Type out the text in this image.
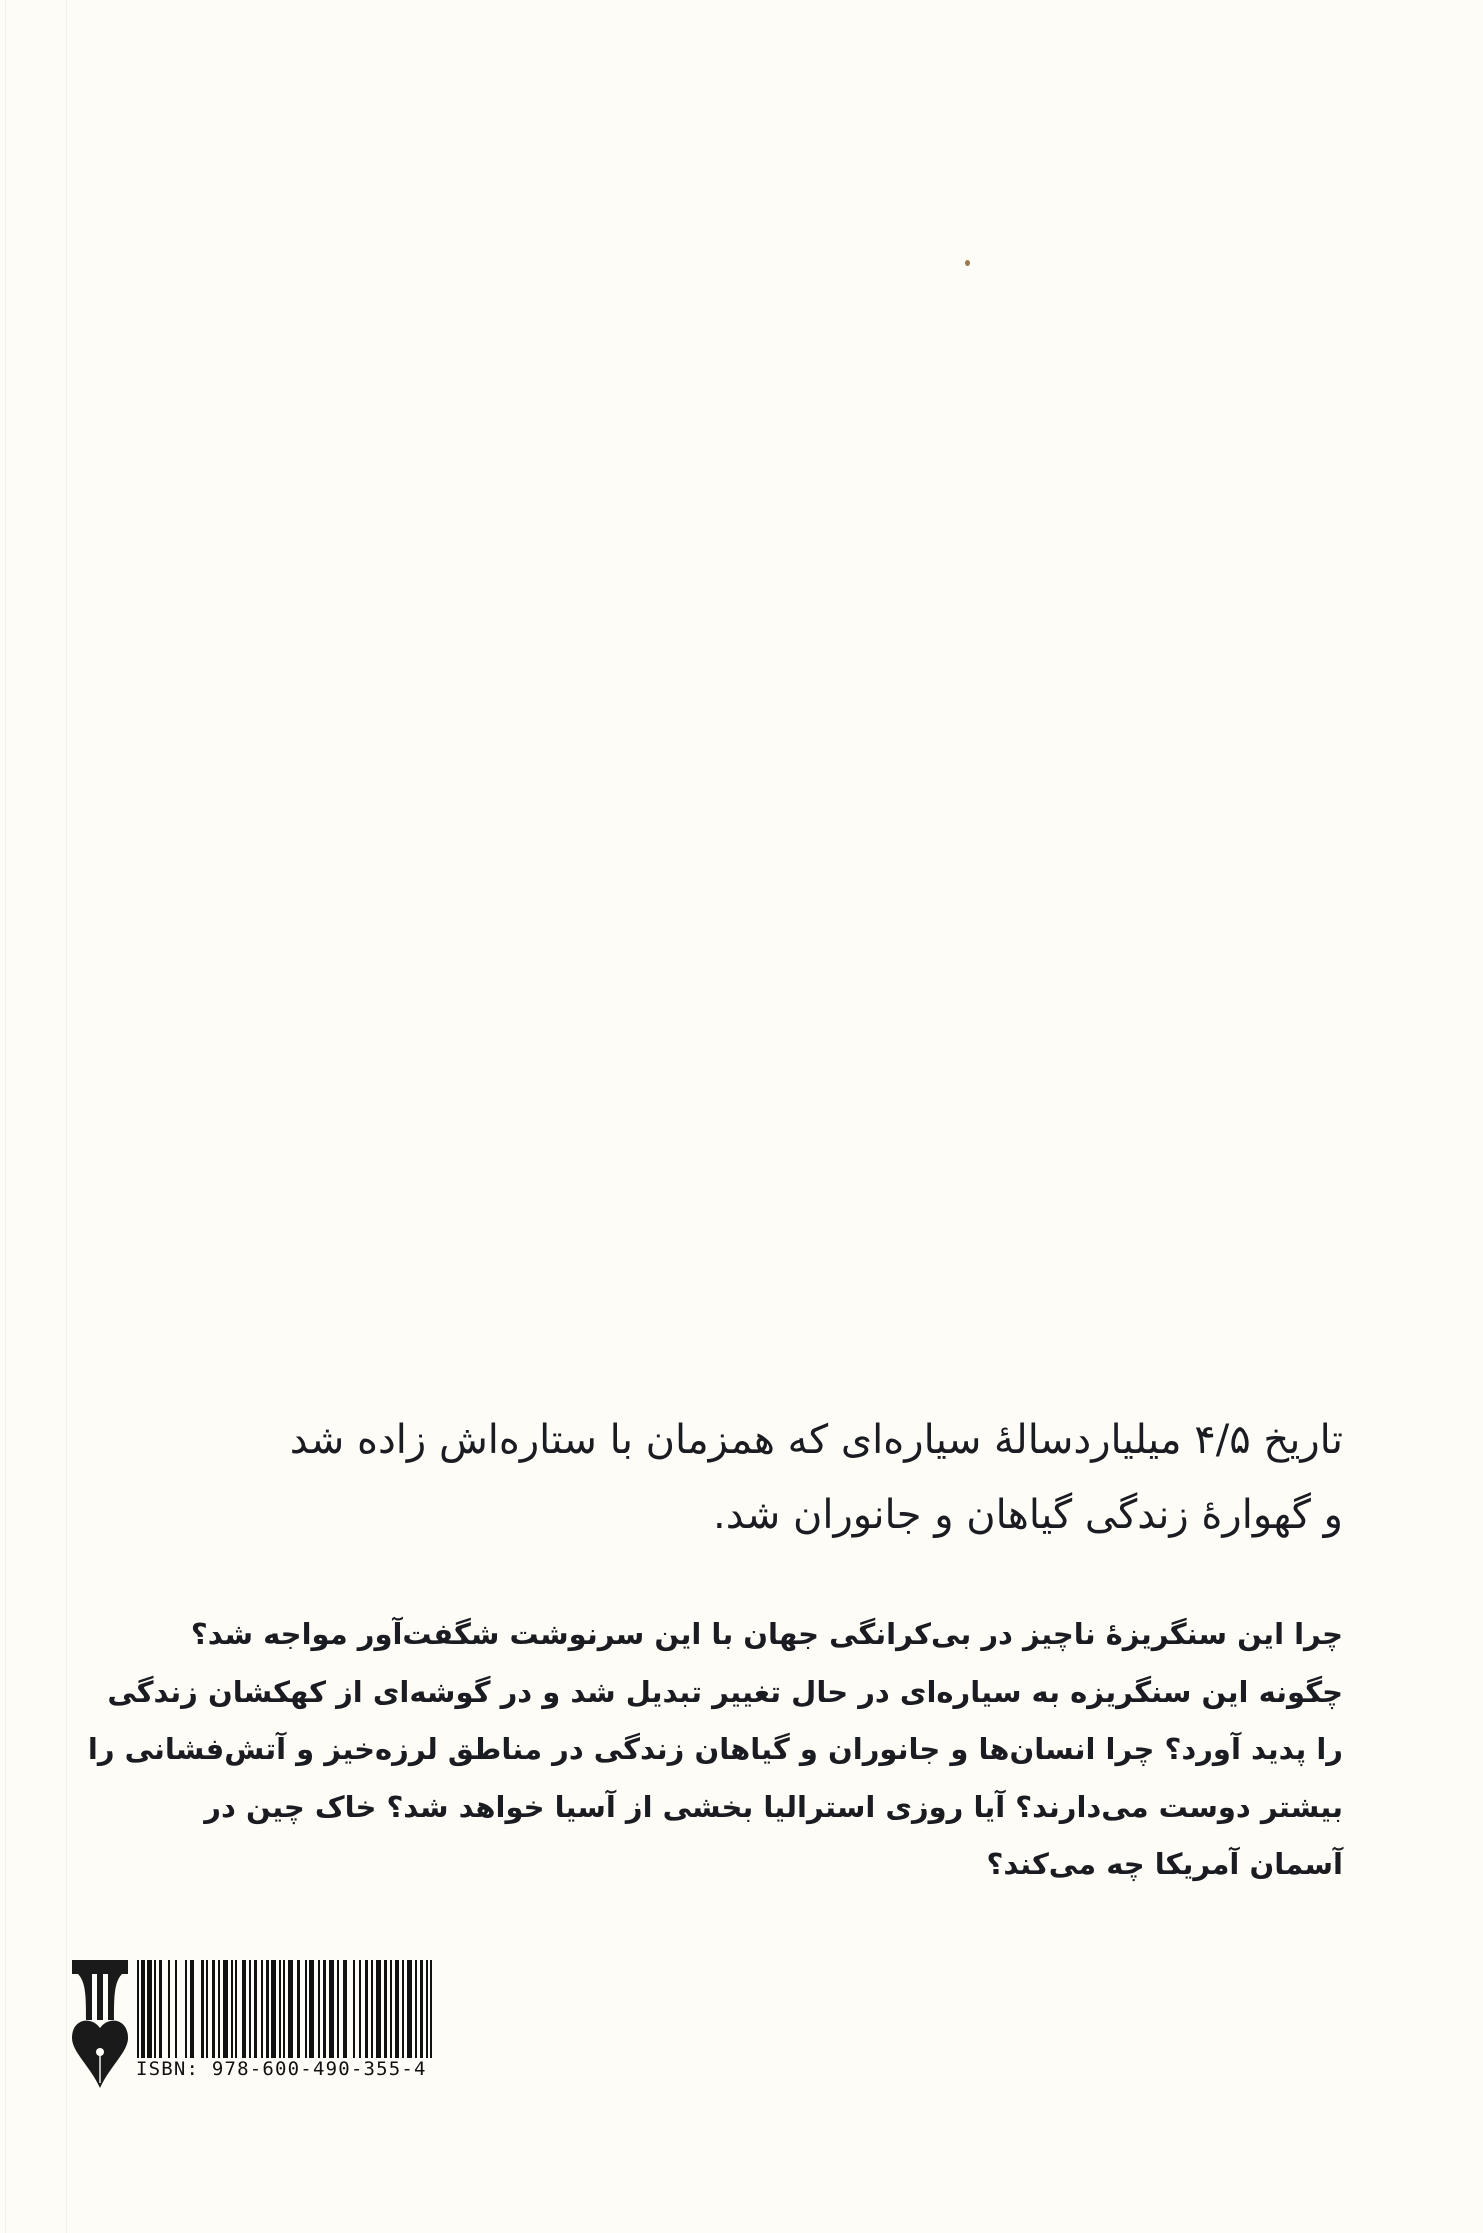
تاریخ ۴/۵ میلیاردسالهٔ سیاره‌ای که همزمان با ستاره‌اش زاده شد
و گهوارهٔ زندگی گیاهان و جانوران شد.
چرا این سنگریزهٔ ناچیز در بی‌کرانگی جهان با این سرنوشت شگفت‌آور مواجه شد؟
چگونه این سنگریزه به سیاره‌ای در حال تغییر تبدیل شد و در گوشه‌ای از کهکشان زندگی
را پدید آورد؟ چرا انسان‌ها و جانوران و گیاهان زندگی در مناطق لرزه‌خیز و آتش‌فشانی را
بیشتر دوست می‌دارند؟ آیا روزی استرالیا بخشی از آسیا خواهد شد؟ خاک چین در
آسمان آمریکا چه می‌کند؟
ISBN: 978-600-490-355-4
